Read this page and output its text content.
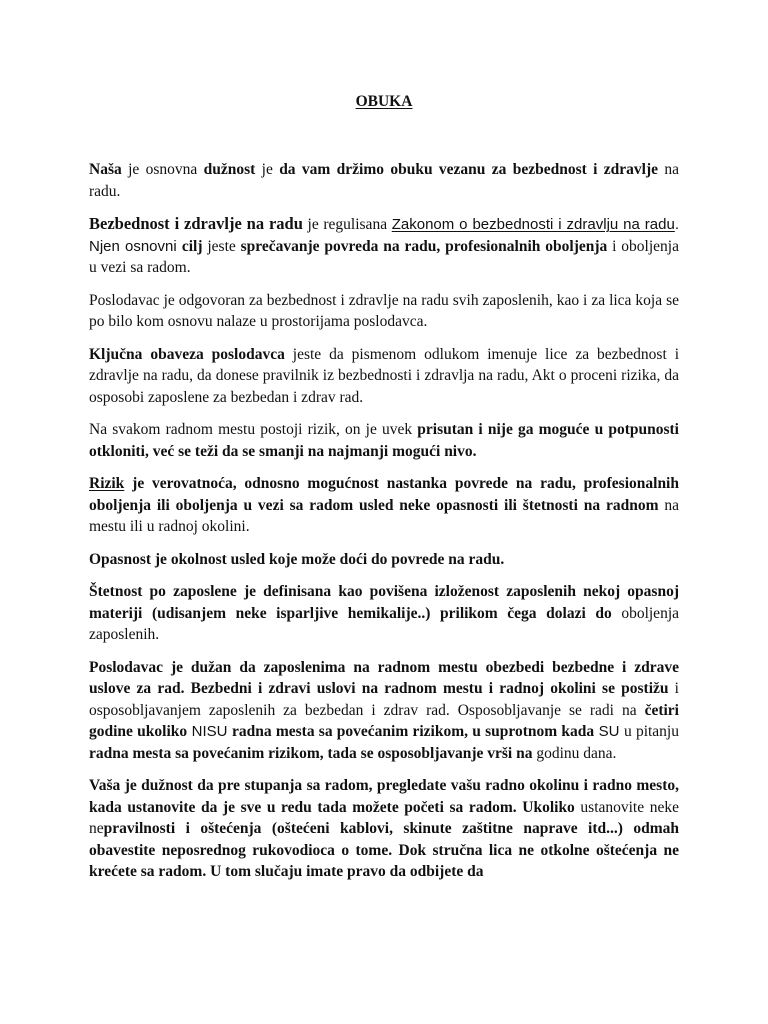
OBUKA

Naša je osnovna dužnost je da vam držimo obuku vezanu za bezbednost i zdravlje na radu.

Bezbednost i zdravlje na radu je regulisana Zakonom o bezbednosti i zdravlju na radu. Njen osnovni cilj jeste sprečavanje povreda na radu, profesionalnih oboljenja i oboljenja u vezi sa radom.

Poslodavac je odgovoran za bezbednost i zdravlje na radu svih zaposlenih, kao i za lica koja se po bilo kom osnovu nalaze u prostorijama poslodavca.

Ključna obaveza poslodavca jeste da pismenom odlukom imenuje lice za bezbednost i zdravlje na radu, da donese pravilnik iz bezbednosti i zdravlja na radu, Akt o proceni rizika, da osposobi zaposlene za bezbedan i zdrav rad.

Na svakom radnom mestu postoji rizik, on je uvek prisutan i nije ga moguće u potpunosti otkloniti, već se teži da se smanji na najmanji mogući nivo.

Rizik je verovatnoća, odnosno mogućnost nastanka povrede na radu, profesionalnih oboljenja ili oboljenja u vezi sa radom usled neke opasnosti ili štetnosti na radnom na mestu ili u radnoj okolini.

Opasnost je okolnost usled koje može doći do povrede na radu.

Štetnost po zaposlene je definisana kao povišena izloženost zaposlenih nekoj opasnoj materiji (udisanjem neke isparljive hemikalije..) prilikom čega dolazi do oboljenja zaposlenih.

Poslodavac je dužan da zaposlenima na radnom mestu obezbedi bezbedne i zdrave uslove za rad. Bezbedni i zdravi uslovi na radnom mestu i radnoj okolini se postižu i osposobljavanjem zaposlenih za bezbedan i zdrav rad. Osposobljavanje se radi na četiri godine ukoliko NISU radna mesta sa povećanim rizikom, u suprotnom kada SU u pitanju radna mesta sa povećanim rizikom, tada se osposobljavanje vrši na godinu dana.

Vaša je dužnost da pre stupanja sa radom, pregledate vašu radno okolinu i radno mesto, kada ustanovite da je sve u redu tada možete početi sa radom. Ukoliko ustanovite neke nepravilnosti i oštećenja (oštećeni kablovi, skinute zaštitne naprave itd...) odmah obavestite neposrednog rukovodioca o tome. Dok stručna lica ne otkolne oštećenja ne krećete sa radom. U tom slučaju imate pravo da odbijete da
